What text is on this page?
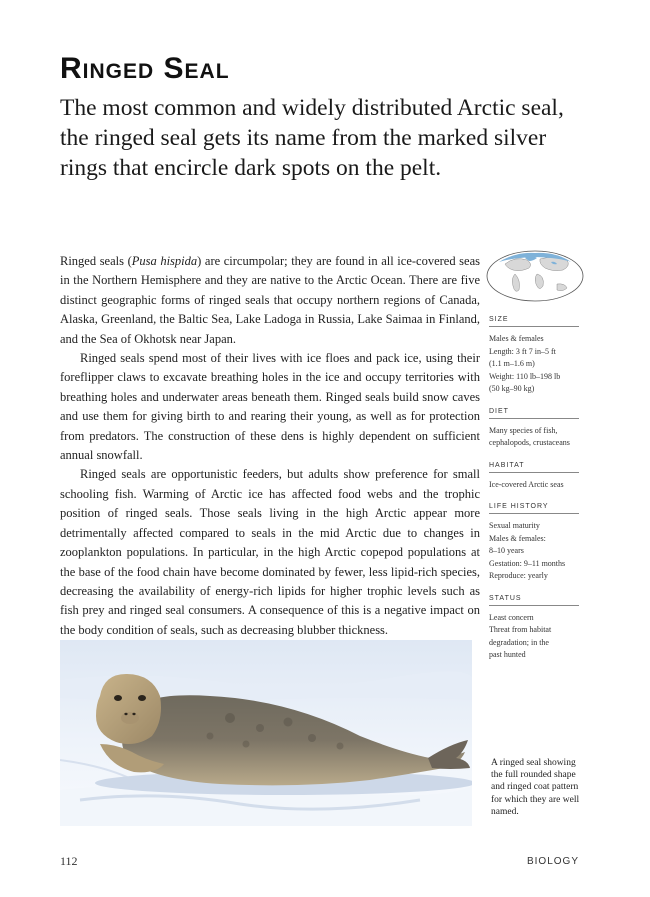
Ringed Seal

The most common and widely distributed Arctic seal, the ringed seal gets its name from the marked silver rings that encircle dark spots on the pelt.

Ringed seals (Pusa hispida) are circumpolar; they are found in all ice-covered seas in the Northern Hemisphere and they are native to the Arctic Ocean. There are five distinct geographic forms of ringed seals that occupy northern regions of Canada, Alaska, Greenland, the Baltic Sea, Lake Ladoga in Russia, Lake Saimaa in Finland, and the Sea of Okhotsk near Japan.

Ringed seals spend most of their lives with ice floes and pack ice, using their foreflipper claws to excavate breathing holes in the ice and occupy territories with breathing holes and underwater areas beneath them. Ringed seals build snow caves and use them for giving birth to and rearing their young, as well as for protection from predators. The construction of these dens is highly dependent on sufficient annual snowfall.

Ringed seals are opportunistic feeders, but adults show preference for small schooling fish. Warming of Arctic ice has affected food webs and the trophic position of ringed seals. Those seals living in the high Arctic appear more detrimentally affected compared to seals in the mid Arctic due to changes in zooplankton populations. In particular, in the high Arctic copepod populations at the base of the food chain have become dominated by fewer, less lipid-rich species, decreasing the availability of energy-rich lipids for higher trophic levels such as fish prey and ringed seal consumers. A consequence of this is a negative impact on the body condition of seals, such as decreasing blubber thickness.

SIZE
Males & females
Length: 3 ft 7 in–5 ft
(1.1 m–1.6 m)
Weight: 110 lb–198 lb
(50 kg–90 kg)
DIET
Many species of fish,
cephalopods, crustaceans
HABITAT
Ice-covered Arctic seas
LIFE HISTORY
Sexual maturity
Males & females:
8–10 years
Gestation: 9–11 months
Reproduce: yearly
STATUS
Least concern
Threat from habitat
degradation; in the
past hunted
A ringed seal showing the full rounded shape and ringed coat pattern for which they are well named.
112	BIOLOGY
